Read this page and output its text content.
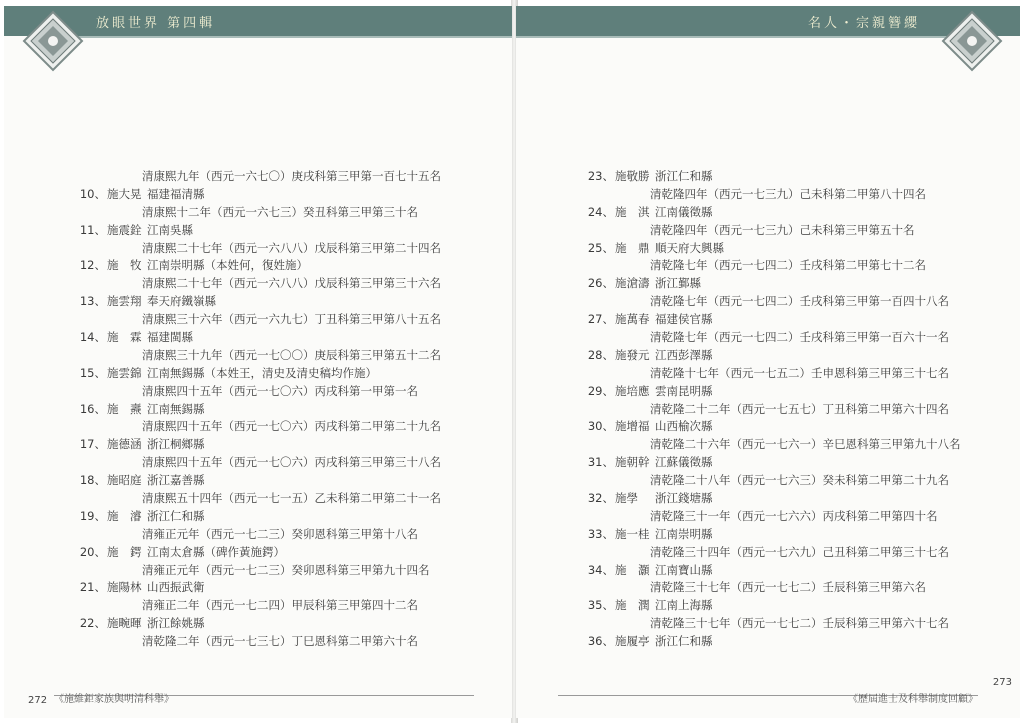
放眼世界 第四輯
清康熙九年（西元一六七〇）庚戌科第三甲第一百七十五名
10、施大晃 福建福清縣
清康熙十二年（西元一六七三）癸丑科第三甲第三十名
11、施震銓 江南吳縣
清康熙二十七年（西元一六八八）戊辰科第三甲第二十四名
12、施　牧 江南崇明縣（本姓何，復姓施）
清康熙二十七年（西元一六八八）戊辰科第三甲第三十六名
13、施雲翔 奉天府鐵嶺縣
清康熙三十六年（西元一六九七）丁丑科第三甲第八十五名
14、施　霖 福建閩縣
清康熙三十九年（西元一七〇〇）庚辰科第三甲第五十二名
15、施雲錦 江南無錫縣（本姓王，清史及清史稿均作施）
清康熙四十五年（西元一七〇六）丙戌科第一甲第一名
16、施　燾 江南無錫縣
清康熙四十五年（西元一七〇六）丙戌科第二甲第二十九名
17、施德涵 浙江桐鄉縣
清康熙四十五年（西元一七〇六）丙戌科第三甲第三十八名
18、施昭庭 浙江嘉善縣
清康熙五十四年（西元一七一五）乙未科第二甲第二十一名
19、施　濬 浙江仁和縣
清雍正元年（西元一七二三）癸卯恩科第三甲第十八名
20、施　鍔 江南太倉縣（碑作黃施鍔）
清雍正元年（西元一七二三）癸卯恩科第三甲第九十四名
21、施陽林 山西振武衛
清雍正二年（西元一七二四）甲辰科第三甲第四十二名
22、施畹暉 浙江餘姚縣
清乾隆二年（西元一七三七）丁巳恩科第二甲第六十名
272 《施維鉅家族與明清科舉》
名人・宗親簪纓
23、施敬勝 浙江仁和縣
清乾隆四年（西元一七三九）己未科第二甲第八十四名
24、施　淇 江南儀徵縣
清乾隆四年（西元一七三九）己未科第三甲第五十名
25、施　鼎 順天府大興縣
清乾隆七年（西元一七四二）壬戌科第二甲第七十二名
26、施滄濤 浙江鄞縣
清乾隆七年（西元一七四二）壬戌科第三甲第一百四十八名
27、施萬春 福建侯官縣
清乾隆七年（西元一七四二）壬戌科第三甲第一百六十一名
28、施發元 江西彭澤縣
清乾隆十七年（西元一七五二）壬申恩科第三甲第三十七名
29、施培應 雲南昆明縣
清乾隆二十二年（西元一七五七）丁丑科第二甲第六十四名
30、施增福 山西榆次縣
清乾隆二十六年（西元一七六一）辛巳恩科第三甲第九十八名
31、施朝幹 江蘇儀徵縣
清乾隆二十八年（西元一七六三）癸未科第二甲第二十九名
32、施學 浙江錢塘縣
清乾隆三十一年（西元一七六六）丙戌科第二甲第四十名
33、施一桂 江南崇明縣
清乾隆三十四年（西元一七六九）己丑科第二甲第三十七名
34、施　灝 江南寶山縣
清乾隆三十七年（西元一七七二）壬辰科第三甲第六名
35、施　潤 江南上海縣
清乾隆三十七年（西元一七七二）壬辰科第三甲第六十七名
36、施履亭 浙江仁和縣
《歷屆進士及科舉制度回顧》
273
